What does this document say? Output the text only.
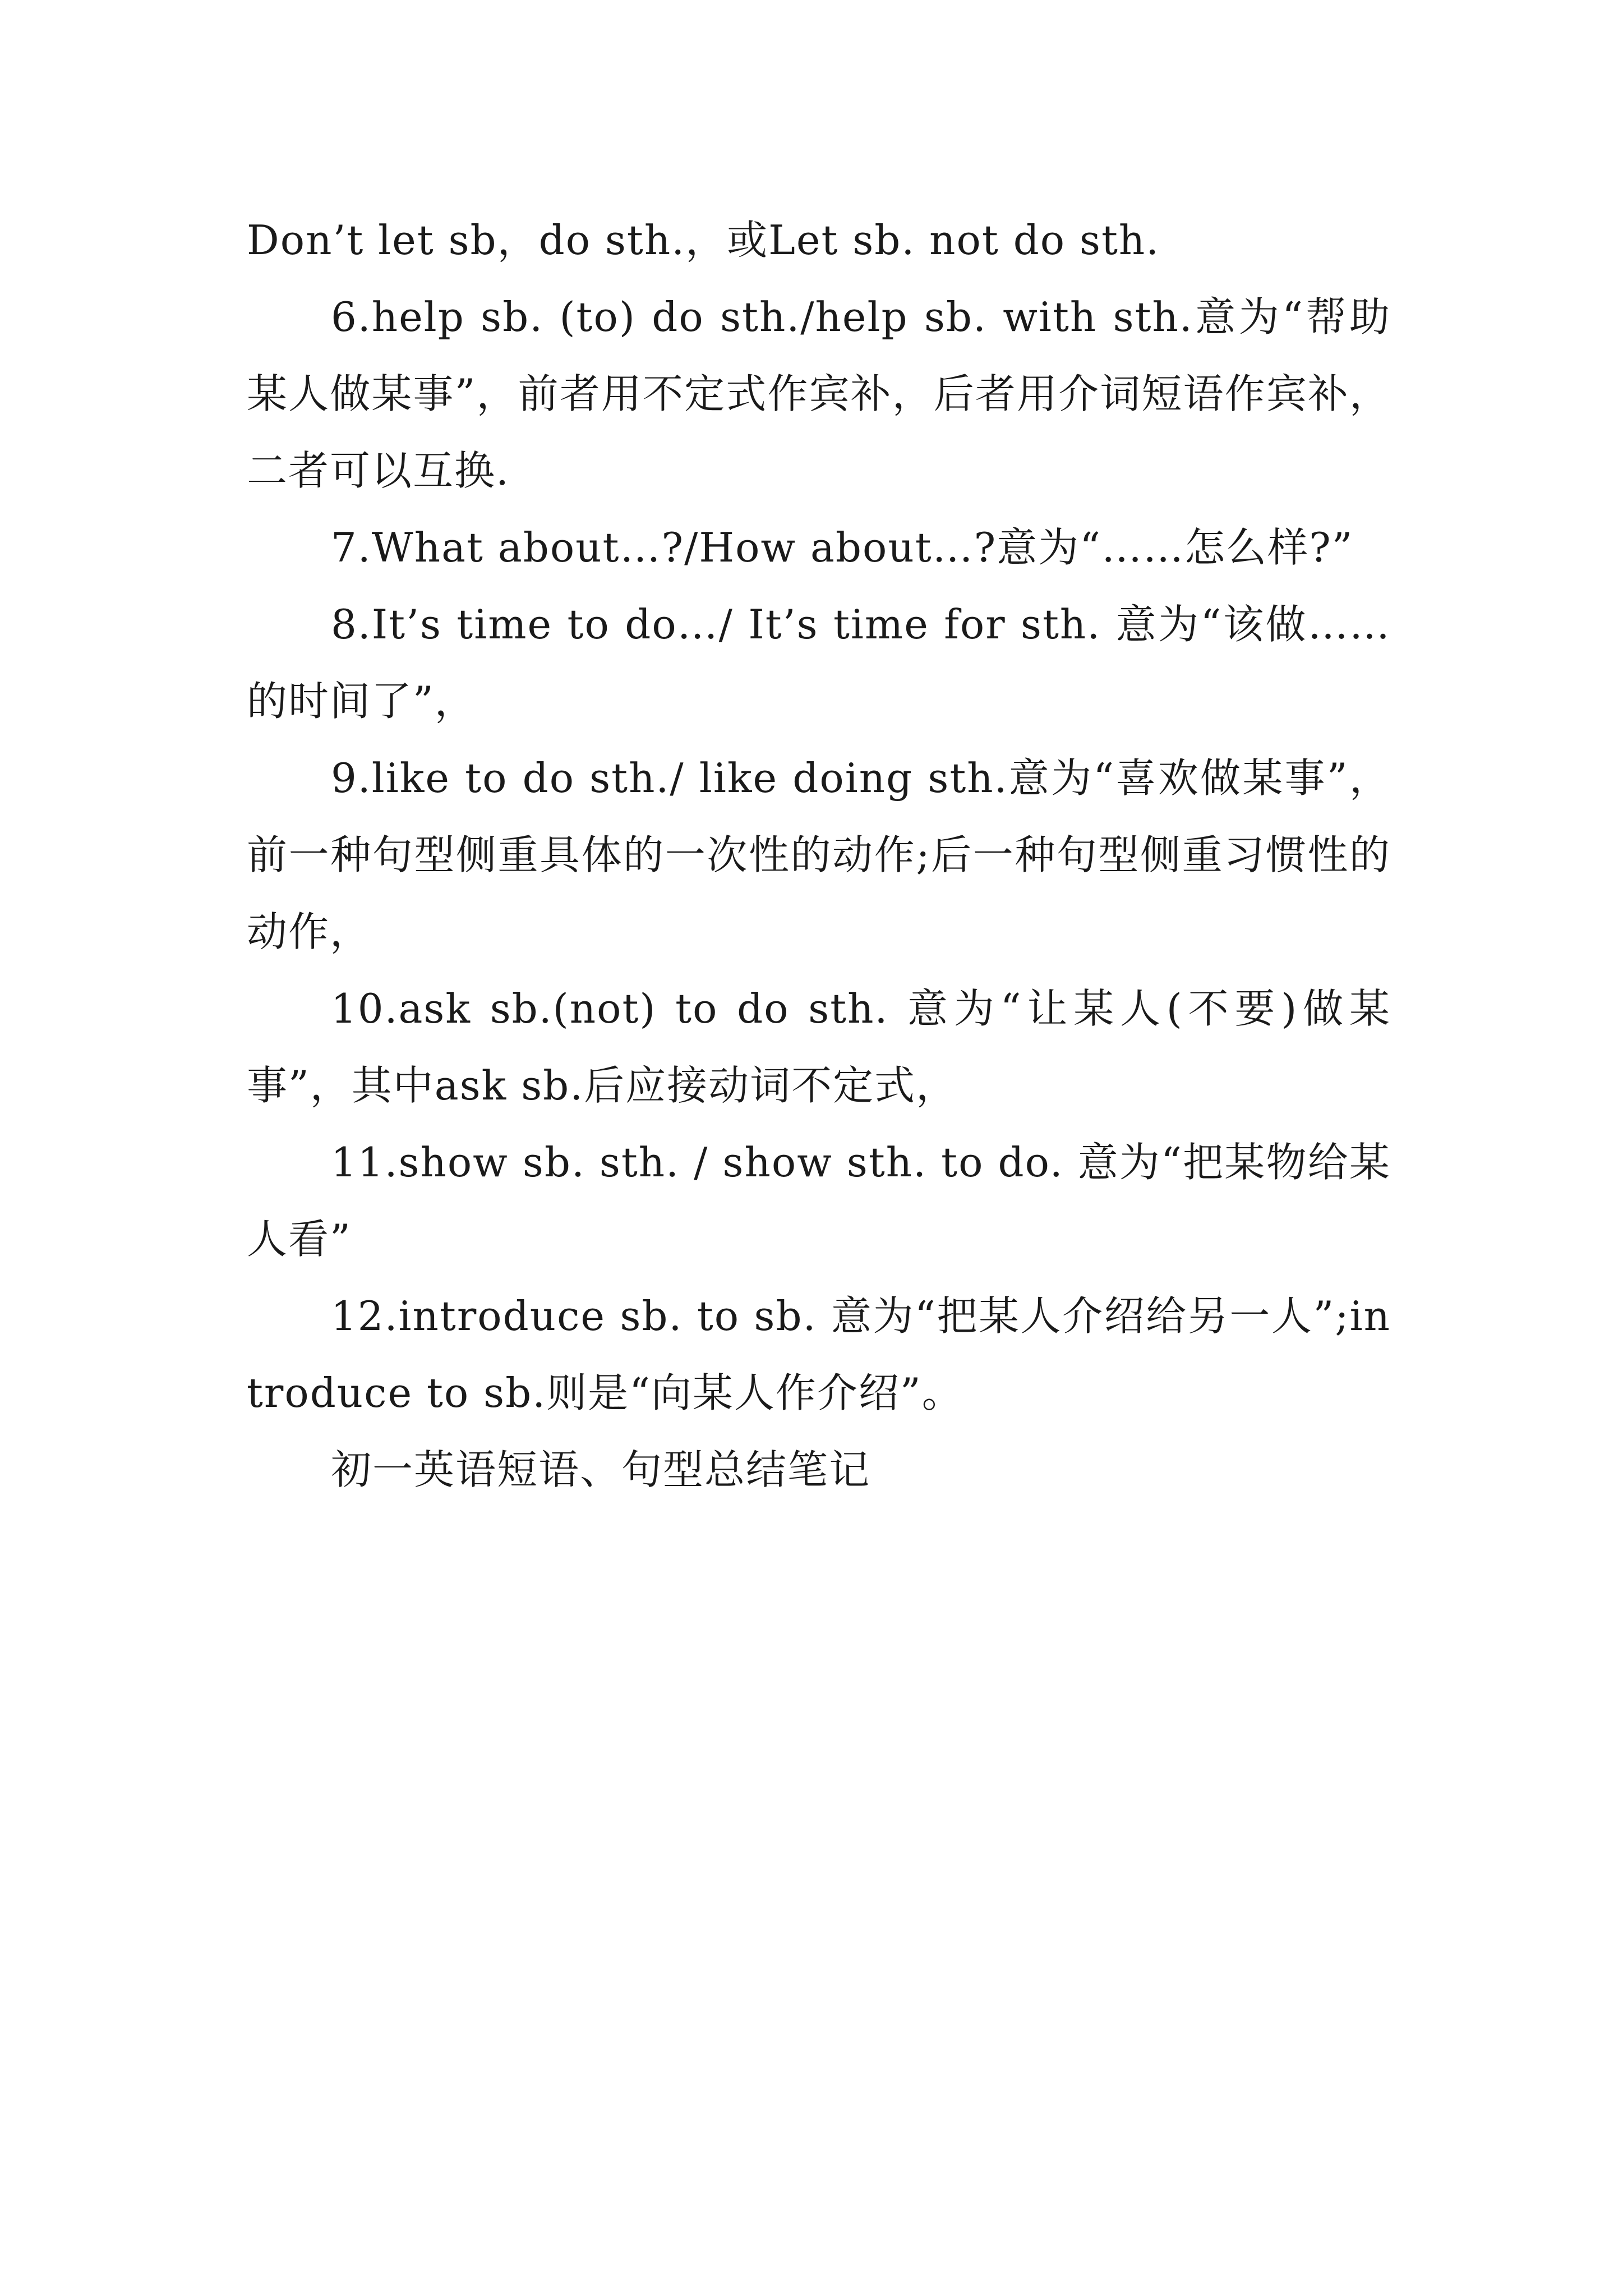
Don’t let sb，do sth.，或Let sb. not do sth.

6.help sb. (to) do sth./help sb. with sth.意为“帮助某人做某事”，前者用不定式作宾补，后者用介词短语作宾补，二者可以互换.

7.What about…?/How about…?意为“……怎么样?”

8.It’s time to do…/ It’s time for sth. 意为“该做……的时间了”，

9.like to do sth./ like doing sth.意为“喜欢做某事”， 前一种句型侧重具体的一次性的动作;后一种句型侧重习惯性的动作，

10.ask sb.(not) to do sth. 意为“让某人(不要)做某事”，其中ask sb.后应接动词不定式，

11.show sb. sth. / show sth. to do. 意为“把某物给某人看”

12.introduce sb. to sb. 意为“把某人介绍给另一人”;introduce to sb.则是“向某人作介绍”。

初一英语短语、句型总结笔记
